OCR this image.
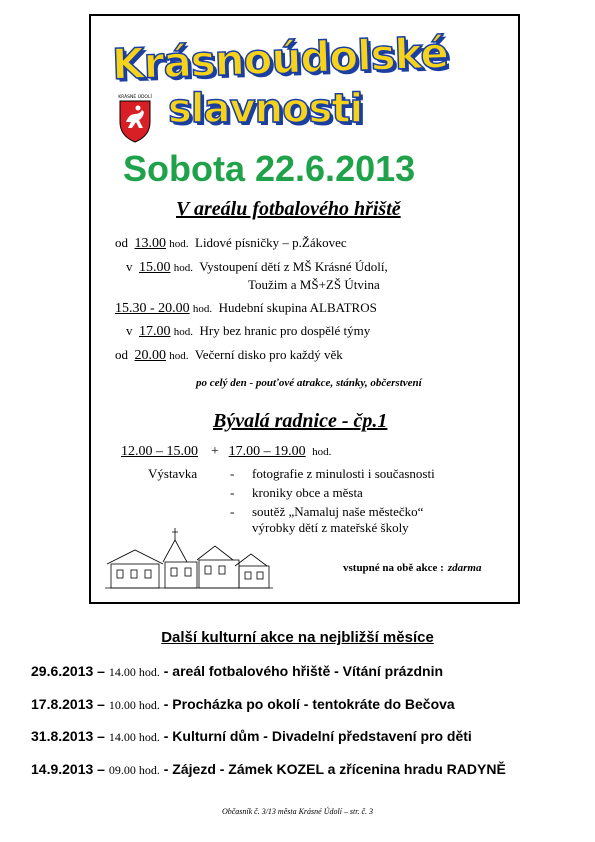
Krásnoúdolské
slavnosti
KRÁSNÉ ÚDOLÍ
Sobota 22.6.2013
V areálu fotbalového hřiště
od 13.00 hod. Lidové písničky – p.Žákovec
v 15.00 hod. Vystoupení dětí z MŠ Krásné Údolí,
Toužim a MŠ+ZŠ Útvina
15.30 - 20.00 hod. Hudební skupina ALBATROS
v 17.00 hod. Hry bez hranic pro dospělé týmy
od 20.00 hod. Večerní disko pro každý věk
po celý den - pouťové atrakce, stánky, občerstvení
Bývalá radnice - čp.1
12.00 – 15.00 + 17.00 – 19.00 hod.
Výstavka	-
-
-
fotografie z minulosti i současnosti
kroniky obce a města
soutěž „Namaluj naše městečko“
výrobky dětí z mateřské školy
vstupné na obě akce : zdarma
Další kulturní akce na nejbližší měsíce
29.6.2013 – 14.00 hod. - areál fotbalového hřiště - Vítání prázdnin
17.8.2013 – 10.00 hod. - Procházka po okolí - tentokráte do Bečova
31.8.2013 – 14.00 hod. - Kulturní dům - Divadelní představení pro děti
14.9.2013 – 09.00 hod. - Zájezd - Zámek KOZEL a zřícenina hradu RADYNĚ
Občasník č. 3/13 města Krásné Údolí – str. č. 3
